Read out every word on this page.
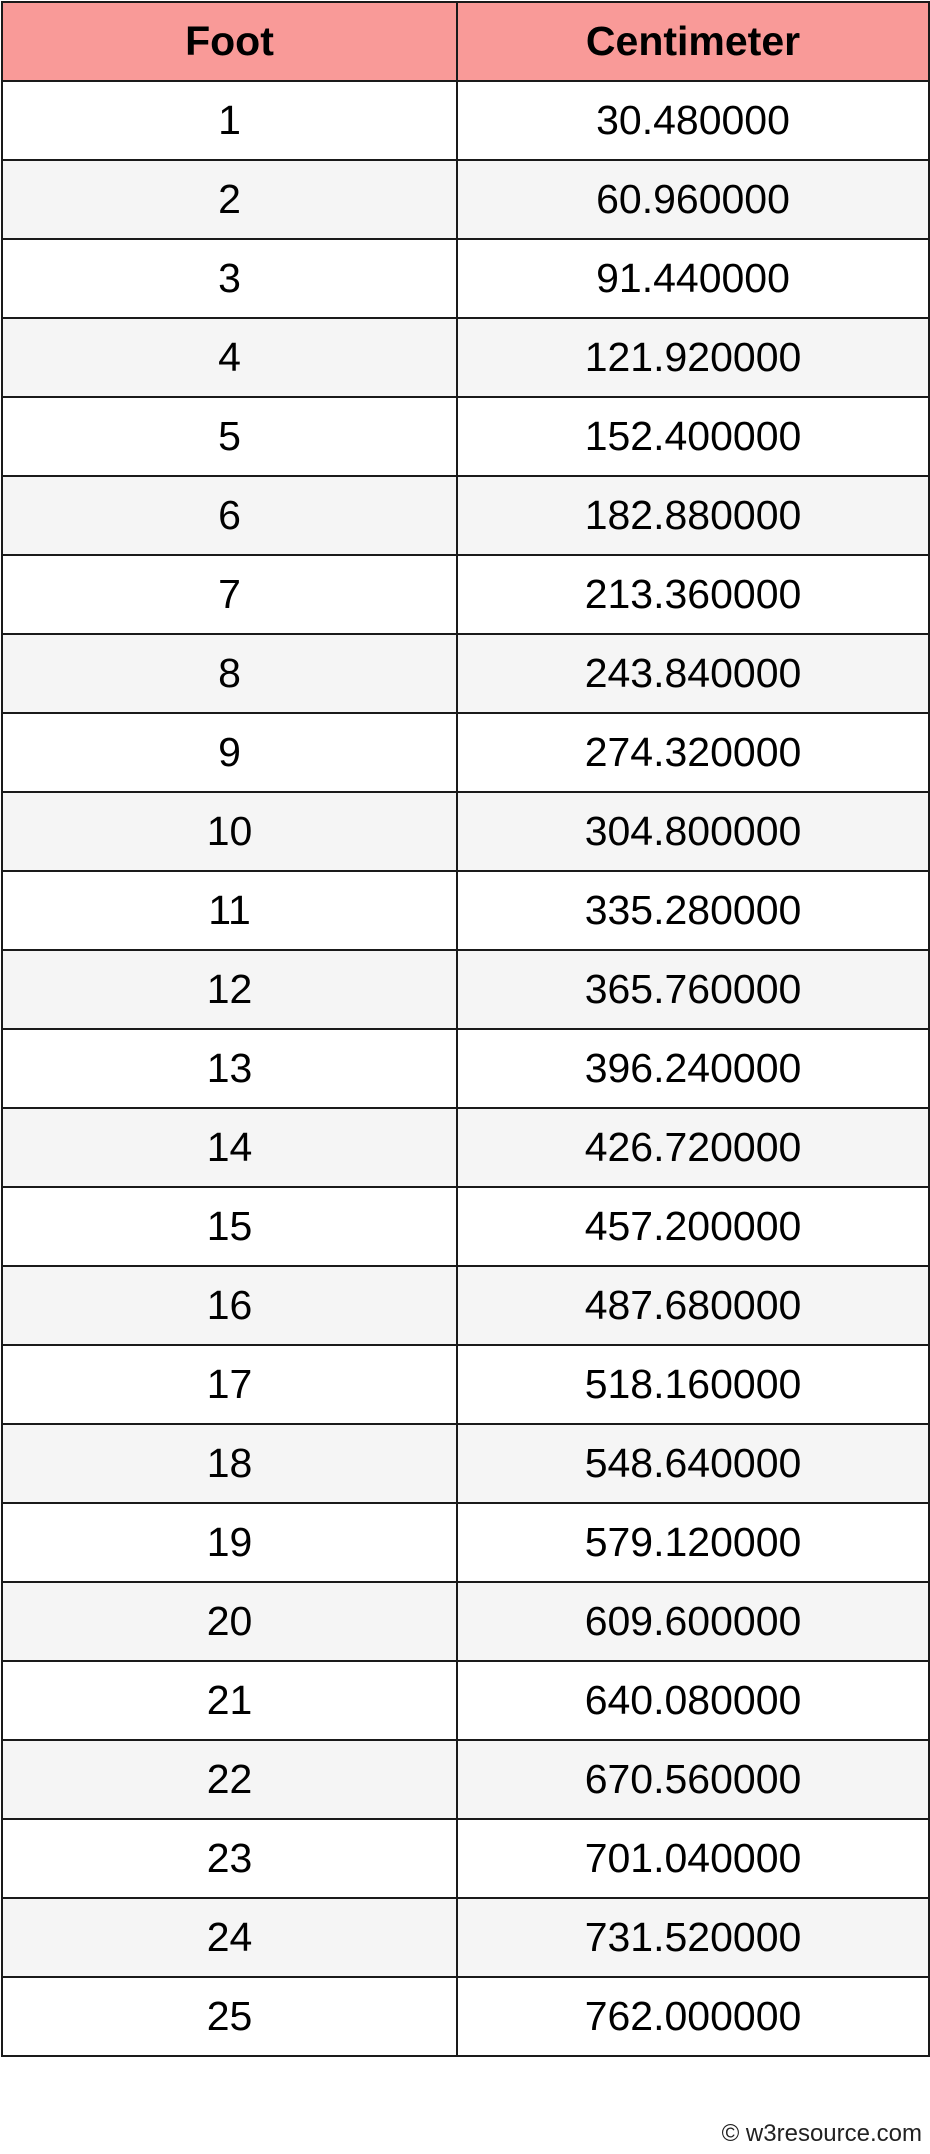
Foot	Centimeter
1	30.480000
2	60.960000
3	91.440000
4	121.920000
5	152.400000
6	182.880000
7	213.360000
8	243.840000
9	274.320000
10	304.800000
11	335.280000
12	365.760000
13	396.240000
14	426.720000
15	457.200000
16	487.680000
17	518.160000
18	548.640000
19	579.120000
20	609.600000
21	640.080000
22	670.560000
23	701.040000
24	731.520000
25	762.000000
© w3resource.com
